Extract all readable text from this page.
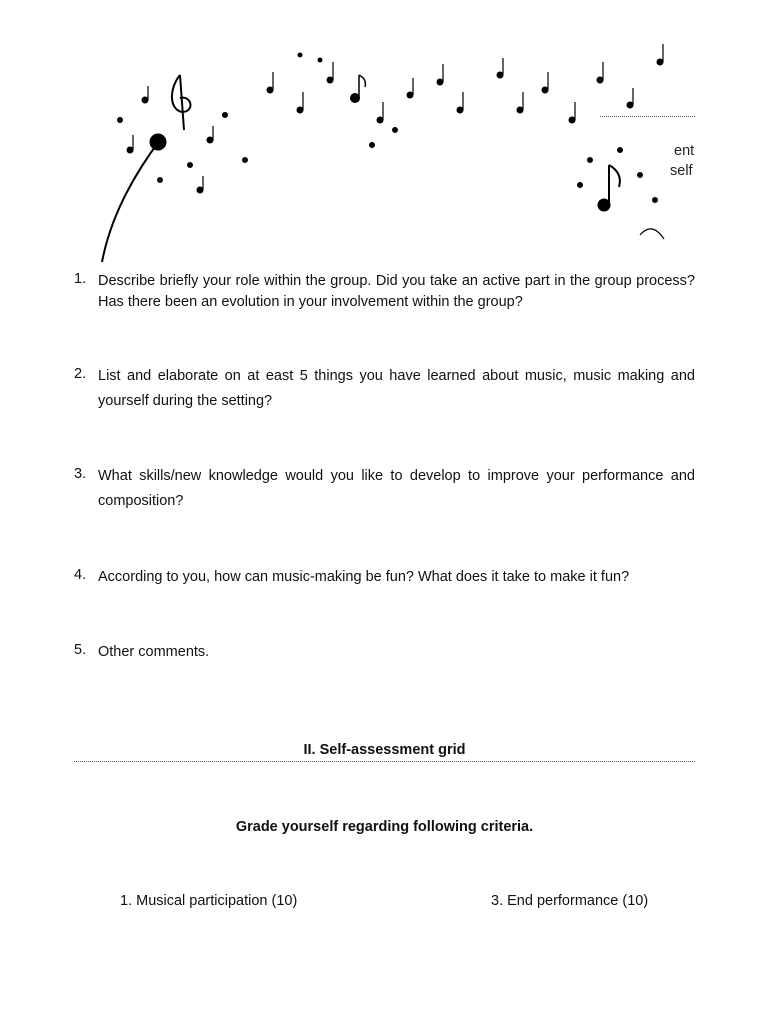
ent
self
1. Describe briefly your role within the group. Did you take an active part in the group process? Has there been an evolution in your involvement within the group?
2. List and elaborate on at east 5 things you have learned about music, music making and yourself during the setting?
3. What skills/new knowledge would you like to develop to improve your performance and composition?
4. According to you, how can music-making be fun? What does it take to make it fun?
5. Other comments.
II. Self-assessment grid
Grade yourself regarding following criteria.
1. Musical participation (10)	3. End performance (10)
